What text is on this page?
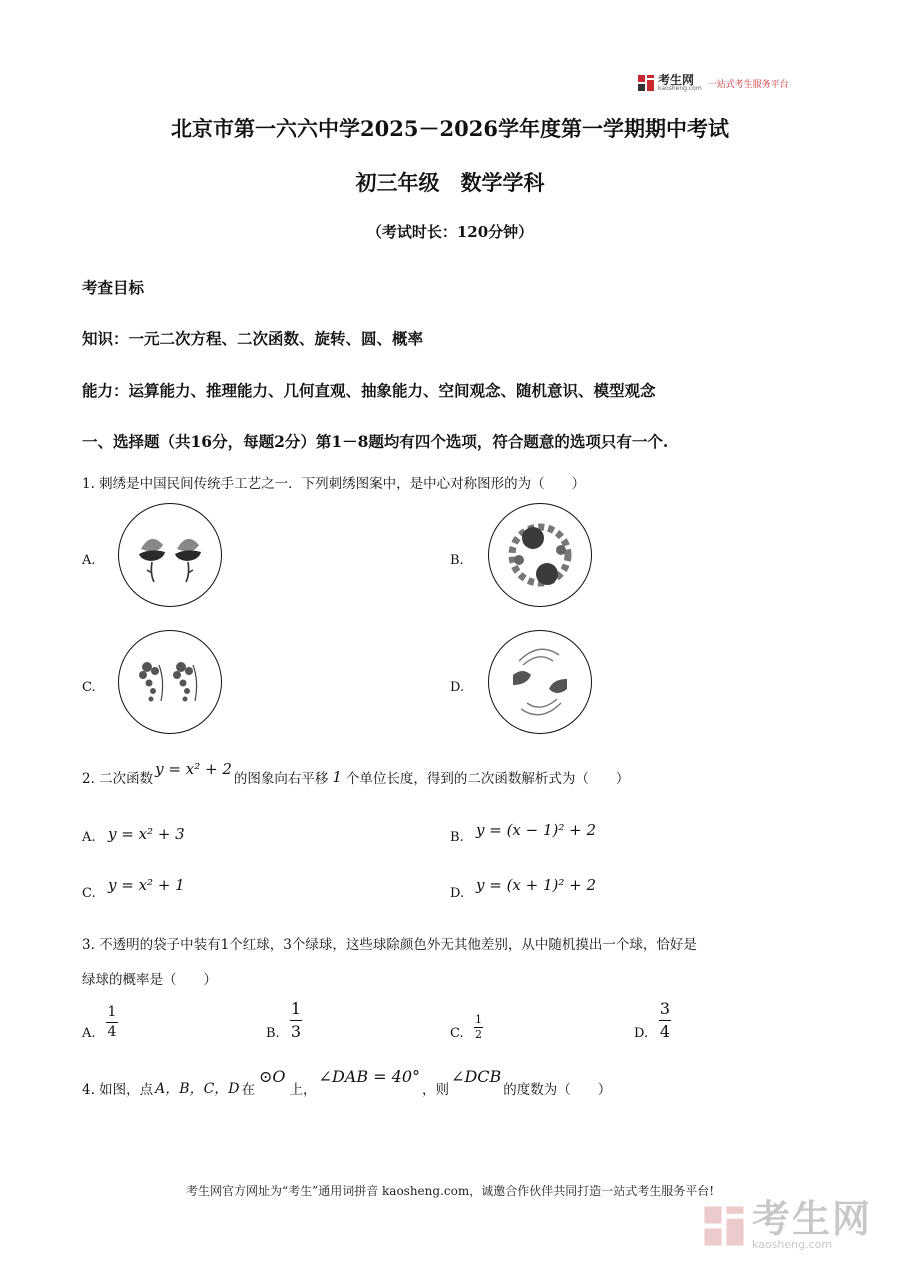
考生网
kaosheng.com 一站式考生服务平台
北京市第一六六中学2025－2026学年度第一学期期中考试
初三年级　数学学科
（考试时长：120分钟）
考查目标
知识：一元二次方程、二次函数、旋转、圆、概率
能力：运算能力、推理能力、几何直观、抽象能力、空间观念、随机意识、模型观念
一、选择题（共16分，每题2分）第1－8题均有四个选项，符合题意的选项只有一个.
1. 刺绣是中国民间传统手工艺之一．下列刺绣图案中，是中心对称图形的为（　　）
A.	B.
C.	D.
2. 二次函数
y = x² + 2
的图象向右平移 1 个单位长度，得到的二次函数解析式为（　　）
A. y = x² + 3	B. y = (x − 1)² + 2
C. y = x² + 1	D. y = (x + 1)² + 2
3. 不透明的袋子中装有1个红球，3个绿球，这些球除颜色外无其他差别，从中随机摸出一个球，恰好是
绿球的概率是（　　）
A.
1
4	B.
1
3	C.
1
2	D.
3
4
4. 如图，点 A，B，C，D 在
⊙O
上，
∠DAB = 40°
，则
∠DCB
的度数为（　　）
考生网官方网址为“考生”通用词拼音 kaosheng.com，诚邀合作伙伴共同打造一站式考生服务平台!
考生网
kaosheng.com
